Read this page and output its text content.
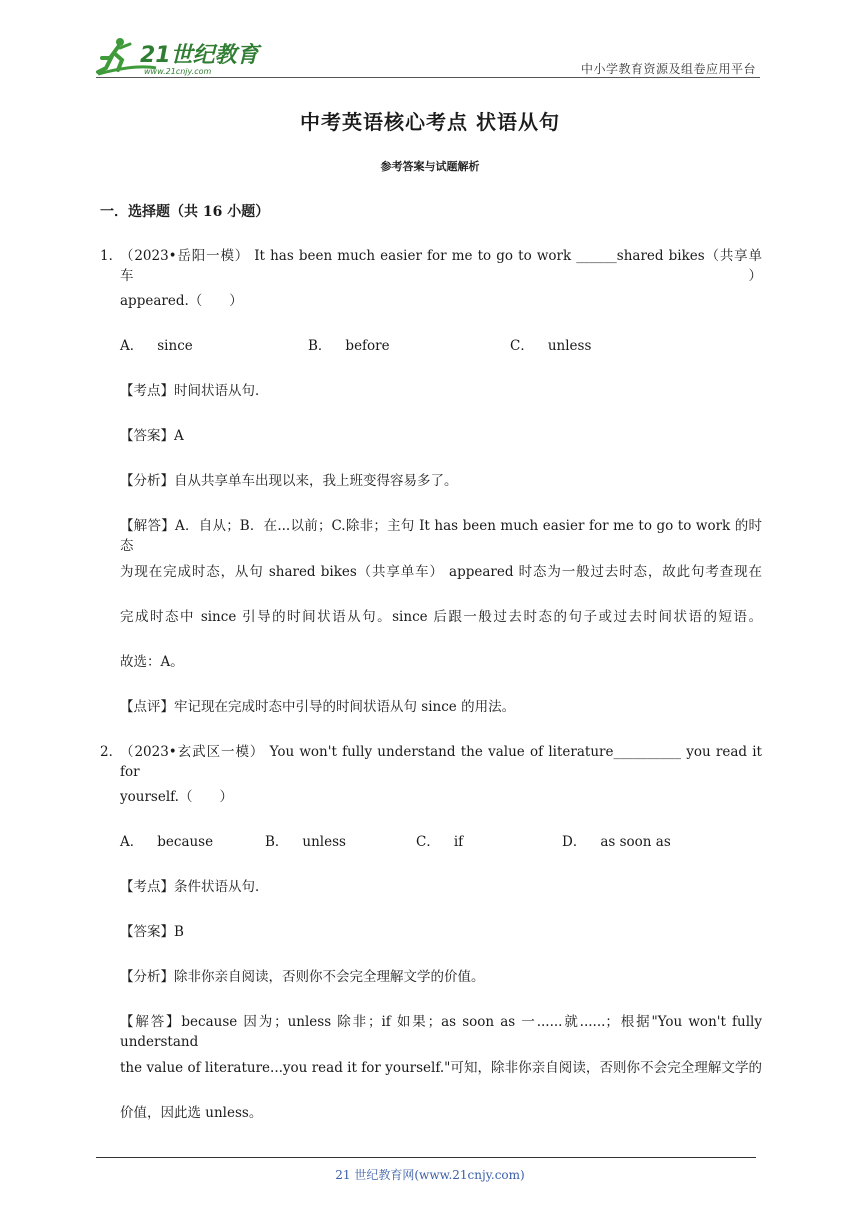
21世纪教育
www.21cnjy.com	中小学教育资源及组卷应用平台
中考英语核心考点 状语从句
参考答案与试题解析
一．选择题（共 16 小题）
1．
（2023•岳阳一模） It has been much easier for me to go to work ______shared bikes（共享单车）
appeared.（　　）
A． since	B． before	C． unless
【考点】时间状语从句．
【答案】A
【分析】自从共享单车出现以来，我上班变得容易多了。
【解答】A．自从；B．在...以前；C.除非；主句 It has been much easier for me to go to work 的时态
为现在完成时态，从句 shared bikes（共享单车） appeared 时态为一般过去时态，故此句考查现在
完成时态中 since 引导的时间状语从句。since 后跟一般过去时态的句子或过去时间状语的短语。
故选：A。
【点评】牢记现在完成时态中引导的时间状语从句 since 的用法。
2．
（2023•玄武区一模） You won't fully understand the value of literature__________ you read it for
yourself.（　　）
A． because	B． unless	C． if	D． as soon as
【考点】条件状语从句．
【答案】B
【分析】除非你亲自阅读，否则你不会完全理解文学的价值。
【解答】because 因为；unless 除非；if 如果；as soon as 一......就......；根据"You won't fully understand
the value of literature...you read it for yourself."可知，除非你亲自阅读，否则你不会完全理解文学的
价值，因此选 unless。
21 世纪教育网(www.21cnjy.com)
